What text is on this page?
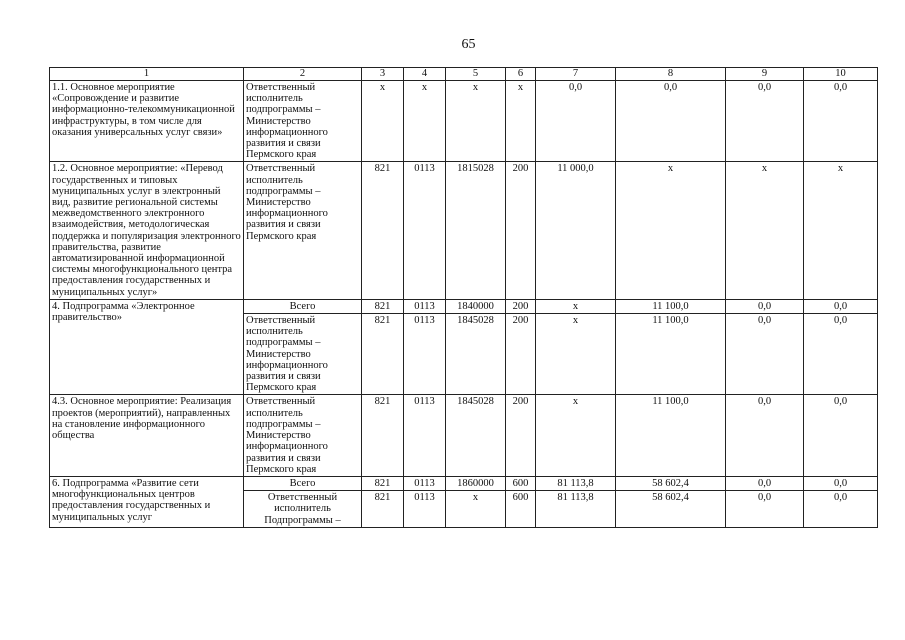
65
1	2	3	4	5	6	7	8	9	10
1.1. Основное мероприятие «Сопровождение и развитие информационно-телекоммуникационной инфраструктуры, в том числе для оказания универсальных услуг связи»	Ответственный исполнитель подпрограммы – Министерство информационного развития и связи Пермского края	х	х	х	х	0,0	0,0	0,0	0,0
1.2. Основное мероприятие: «Перевод государственных и типовых муниципальных услуг в электронный вид, развитие региональной системы межведомственного электронного взаимодействия, методологическая поддержка и популяризация электронного правительства, развитие автоматизированной информационной системы многофункционального центра предоставления государственных и муниципальных услуг»	Ответственный исполнитель подпрограммы – Министерство информационного развития и связи Пермского края	821	0113	1815028	200	11 000,0	х	х	х
4. Подпрограмма «Электронное правительство»	Всего	821	0113	1840000	200	х	11 100,0	0,0	0,0
	Ответственный исполнитель подпрограммы – Министерство информационного развития и связи Пермского края	821	0113	1845028	200	х	11 100,0	0,0	0,0
4.3. Основное мероприятие: Реализация проектов (мероприятий), направленных на становление информационного общества	Ответственный исполнитель подпрограммы – Министерство информационного развития и связи Пермского края	821	0113	1845028	200	х	11 100,0	0,0	0,0
6. Подпрограмма «Развитие сети многофункциональных центров предоставления государственных и муниципальных услуг	Всего	821	0113	1860000	600	81 113,8	58 602,4	0,0	0,0
	Ответственный исполнитель Подпрограммы –	821	0113	х	600	81 113,8	58 602,4	0,0	0,0
